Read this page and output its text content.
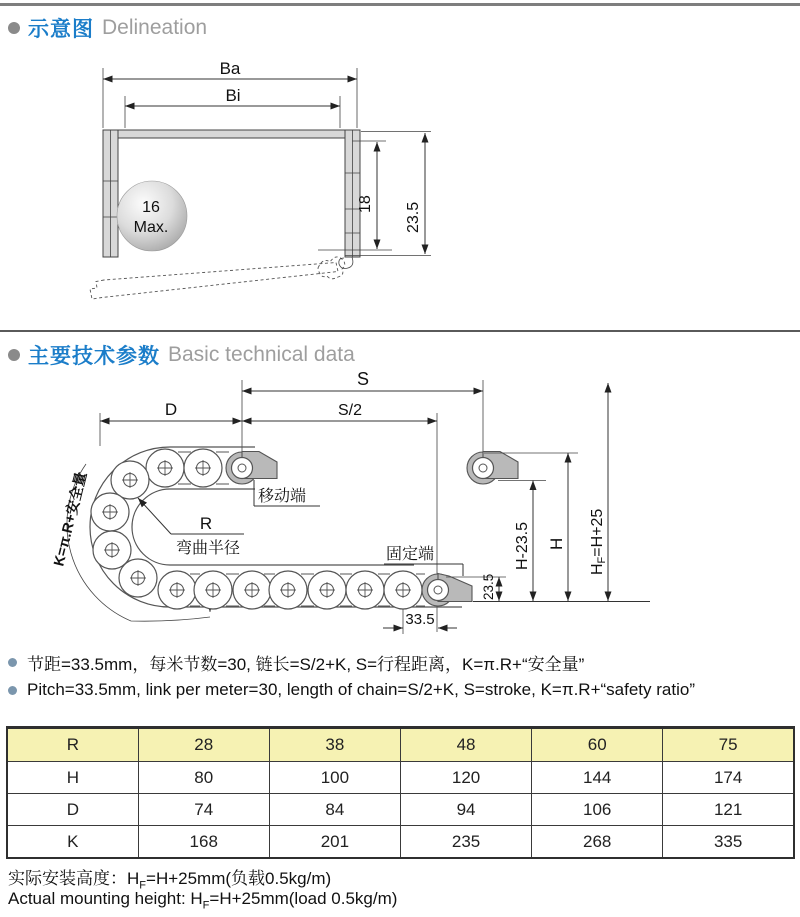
示意图 Delineation
Ba
Bi
16
Max.
18 23.5
主要技术参数 Basic technical data
S
D	S/2
移动端
R
弯曲半径
K=π.R+安全量	固定端
23.5
33.5
H-23.5 H
HF=H+25
节距=33.5mm，每米节数=30, 链长=S/2+K, S=行程距离，K=π.R+“安全量”
Pitch=33.5mm, link per meter=30, length of chain=S/2+K, S=stroke, K=π.R+“safety ratio”
R	28	38	48	60	75
H	80	100	120	144	174
D	74	84	94	106	121
K	168	201	235	268	335
实际安装高度：$H_F=H+25mm$(负载0.5kg/m)
Actual mounting height: $H_F=H+25mm(load$ 0.5kg/m)
